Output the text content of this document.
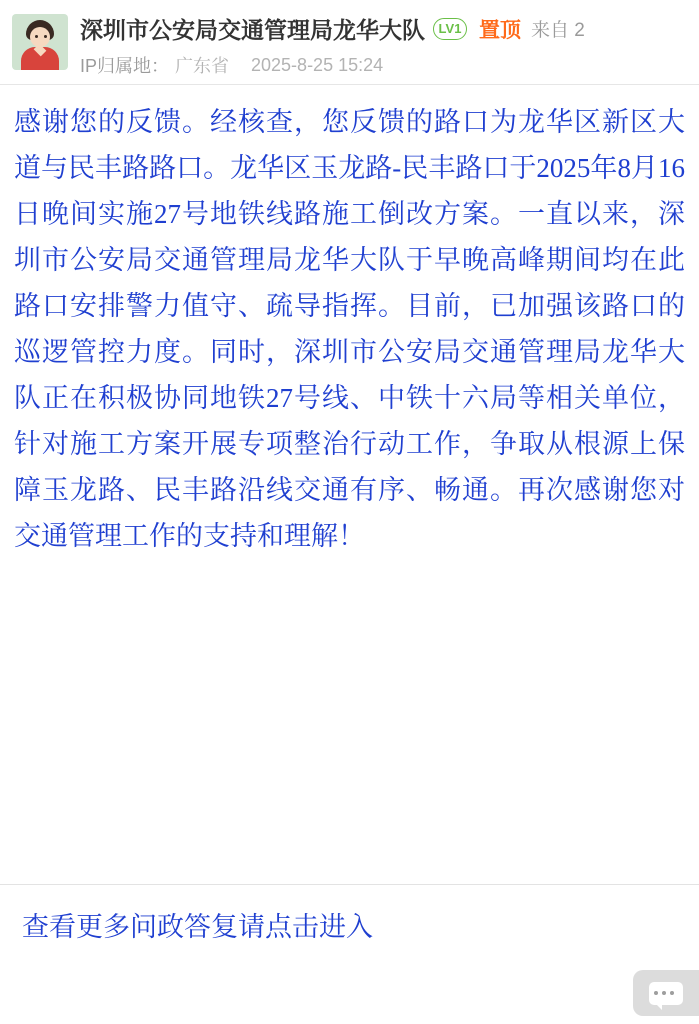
深圳市公安局交通管理局龙华大队	LV1 置顶 来自 2
IP归属地： 广东省 2025-8-25 15:24

感谢您的反馈。经核查，您反馈的路口为龙华区新区大道与民丰路路口。龙华区玉龙路-民丰路口于2025年8月16日晚间实施27号地铁线路施工倒改方案。一直以来，深圳市公安局交通管理局龙华大队于早晚高峰期间均在此路口安排警力值守、疏导指挥。目前，已加强该路口的巡逻管控力度。同时，深圳市公安局交通管理局龙华大队正在积极协同地铁27号线、中铁十六局等相关单位，针对施工方案开展专项整治行动工作，争取从根源上保障玉龙路、民丰路沿线交通有序、畅通。再次感谢您对交通管理工作的支持和理解！

查看更多问政答复请点击进入
